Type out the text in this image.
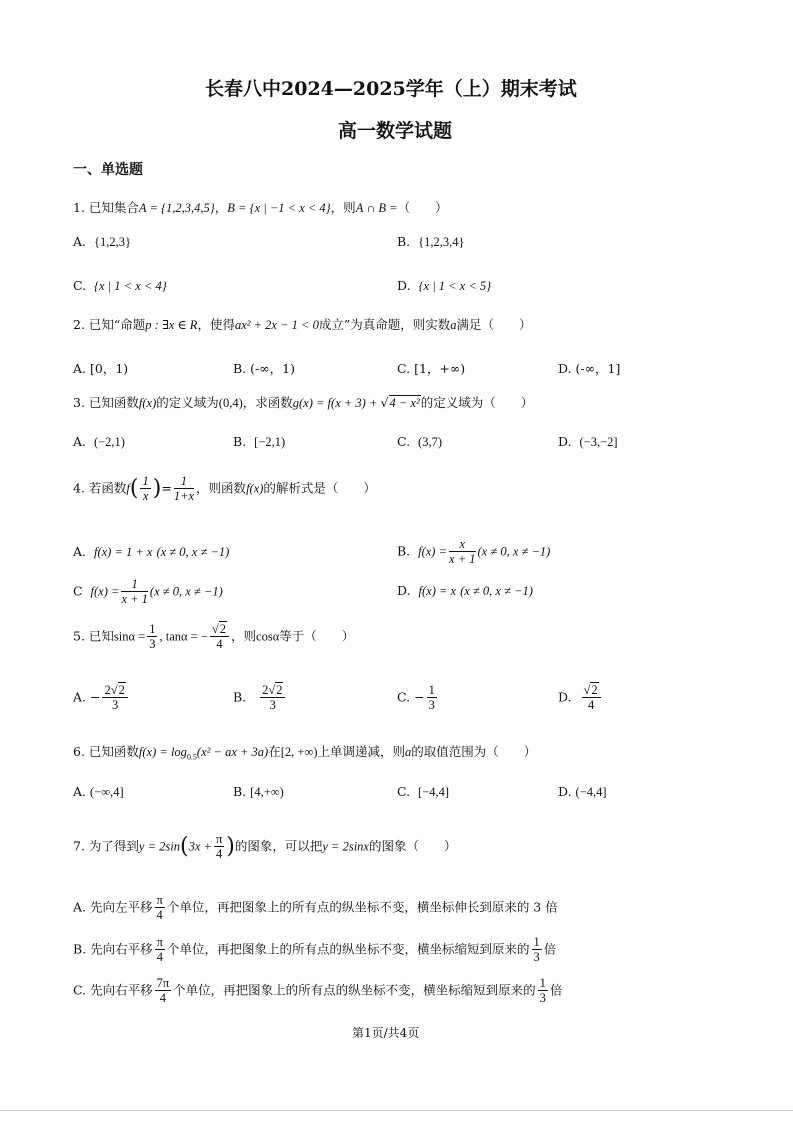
长春八中2024—2025学年（上）期末考试
高一数学试题
一、单选题
1. 已知集合A = {1,2,3,4,5}，B = {x | −1 < x < 4}，则A ∩ B =（　　）
A. {1,2,3}	B. {1,2,3,4}
C. {x | 1 < x < 4}	D. {x | 1 < x < 5}
2. 已知“命题p : ∃x ∈ R，使得ax² + 2x − 1 < 0成立”为真命题，则实数a满足（　　）
A. [0，1)	B. (-∞，1)	C. [1，+∞)	D. (-∞，1]
3. 已知函数f(x)的定义域为(0,4)，求函数g(x) = f(x + 3) + √4 − x²的定义域为（　　）
A. (−2,1)	B. [−2,1)	C. (3,7)	D. (−3,−2]
4. 若函数$f( \frac{1}{x}$ )= $\frac{1}{1+x}$ ，则函数f(x)的解析式是（　　）
A. f(x) = 1 + x (x ≠ 0, x ≠ −1)	B. $f(x) = \frac{x}{x + 1} (x \ne 0$, x ≠ −1)
C $f(x) = \frac{1}{x + 1} (x \ne 0$, x ≠ −1)	D. f(x) = x (x ≠ 0, x ≠ −1)
5. 已知$\sin\alpha = \frac{1}{3}$ , tanα = − $\frac{√2}{4}$ ，则cosα等于（　　）
A. − $\frac{2√2}{3}$	B. $\frac{2√2}{3}$	C. − $\frac{1}{3}$	D. $\frac{√2}{4}$
6. 已知函数$f(x) = \log_{0.5}(x^2$ − ax + 3a)在[2, +∞)上单调递减，则a的取值范围为（　　）
A. (−∞,4]	B. [4,+∞)	C. [−4,4]	D. (−4,4]
7. 为了得到$y = 2\sin(3x + \frac{\pi}{4}$ )的图象，可以把y = 2sinx的图象（　　）
A. 先向左平移 $\frac{\pi}{4}$ 个单位，再把图象上的所有点的纵坐标不变，横坐标伸长到原来的 3 倍
B. 先向右平移 $\frac{\pi}{4}$ 个单位，再把图象上的所有点的纵坐标不变，横坐标缩短到原来的 $\frac{1}{3}$ 倍
C. 先向右平移 $\frac{7\pi}{4}$ 个单位，再把图象上的所有点的纵坐标不变，横坐标缩短到原来的 $\frac{1}{3}$ 倍
第1页/共4页
